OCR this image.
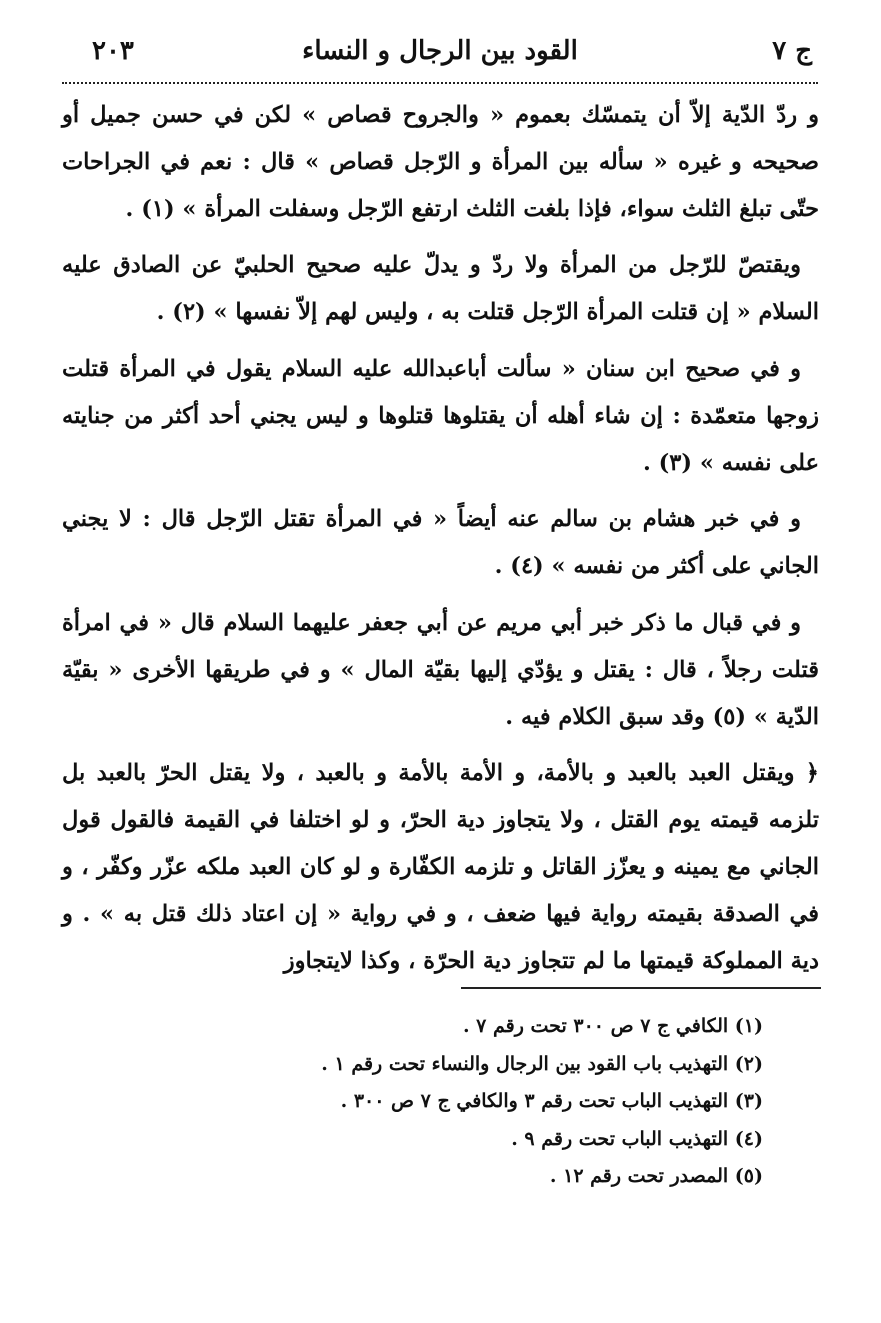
ج ٧
القود بين الرجال و النساء
٢٠٣

و ردّ الدّية إلاّ أن يتمسّك بعموم « والجروح قصاص » لكن في حسن جميل أو صحيحه و غيره « سأله بين المرأة و الرّجل قصاص » قال : نعم في الجراحات حتّى تبلغ الثلث سواء، فإذا بلغت الثلث ارتفع الرّجل وسفلت المرأة » (١) .

ويقتصّ للرّجل من المرأة ولا ردّ و يدلّ عليه صحيح الحلبيّ عن الصادق عليه السلام « إن قتلت المرأة الرّجل قتلت به ، وليس لهم إلاّ نفسها » (٢) .

و في صحيح ابن سنان « سألت أباعبدالله عليه السلام يقول في المرأة قتلت زوجها متعمّدة : إن شاء أهله أن يقتلوها قتلوها و ليس يجني أحد أكثر من جنايته على نفسه » (٣) .

و في خبر هشام بن سالم عنه أيضاً « في المرأة تقتل الرّجل قال : لا يجني الجاني على أكثر من نفسه » (٤) .

و في قبال ما ذكر خبر أبي مريم عن أبي جعفر عليهما السلام قال « في امرأة قتلت رجلاً ، قال : يقتل و يؤدّي إليها بقيّة المال » و في طريقها الأخرى « بقيّة الدّية » (٥) وقد سبق الكلام فيه .

﴿ ويقتل العبد بالعبد و بالأمة، و الأمة بالأمة و بالعبد ، ولا يقتل الحرّ بالعبد بل تلزمه قيمته يوم القتل ، ولا يتجاوز دية الحرّ، و لو اختلفا في القيمة فالقول قول الجاني مع يمينه و يعزّز القاتل و تلزمه الكفّارة و لو كان العبد ملكه عزّر وكفّر ، و في الصدقة بقيمته رواية فيها ضعف ، و في رواية « إن اعتاد ذلك قتل به » . و دية المملوكة قيمتها ما لم تتجاوز دية الحرّة ، وكذا لايتجاوز

(١) الكافي ج ٧ ص ٣٠٠ تحت رقم ٧ .
(٢) التهذيب باب القود بين الرجال والنساء تحت رقم ١ .
(٣) التهذيب الباب تحت رقم ٣ والكافي ج ٧ ص ٣٠٠ .
(٤) التهذيب الباب تحت رقم ٩ .
(٥) المصدر تحت رقم ١٢ .
